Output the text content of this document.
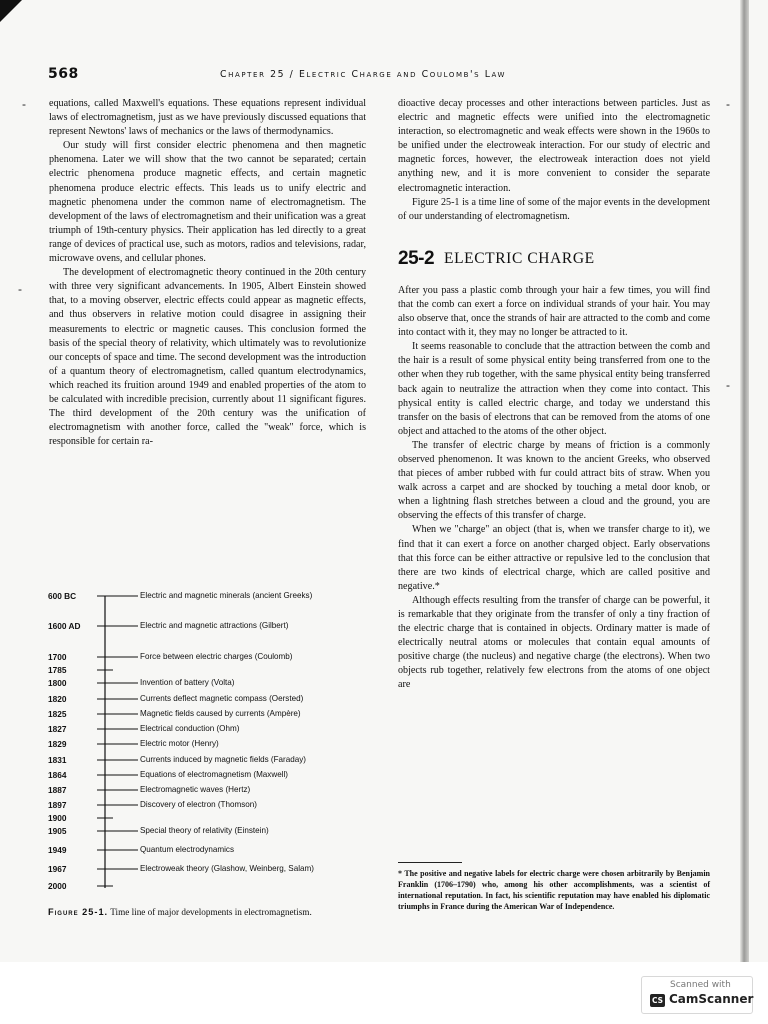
568	Chapter 25 / Electric Charge and Coulomb's Law

equations, called Maxwell's equations. These equations represent individual laws of electromagnetism, just as we have previously discussed equations that represent Newtons' laws of mechanics or the laws of thermodynamics.

Our study will first consider electric phenomena and then magnetic phenomena. Later we will show that the two cannot be separated; certain electric phenomena produce magnetic effects, and certain magnetic phenomena produce electric effects. This leads us to unify electric and magnetic phenomena under the common name of electromagnetism. The development of the laws of electromagnetism and their unification was a great triumph of 19th-century physics. Their application has led directly to a great range of devices of practical use, such as motors, radios and televisions, radar, microwave ovens, and cellular phones.

The development of electromagnetic theory continued in the 20th century with three very significant advancements. In 1905, Albert Einstein showed that, to a moving observer, electric effects could appear as magnetic effects, and thus observers in relative motion could disagree in assigning their measurements to electric or magnetic causes. This conclusion formed the basis of the special theory of relativity, which ultimately was to revolutionize our concepts of space and time. The second development was the introduction of a quantum theory of electromagnetism, called quantum electrodynamics, which reached its fruition around 1949 and enabled properties of the atom to be calculated with incredible precision, currently about 11 significant figures. The third development of the 20th century was the unification of electromagnetism with another force, called the "weak" force, which is responsible for certain ra-

dioactive decay processes and other interactions between particles. Just as electric and magnetic effects were unified into the electromagnetic interaction, so electromagnetic and weak effects were shown in the 1960s to be unified under the electroweak interaction. For our study of electric and magnetic forces, however, the electroweak interaction does not yield anything new, and it is more convenient to consider the separate electromagnetic interaction.

Figure 25-1 is a time line of some of the major events in the development of our understanding of electromagnetism.

25-2 ELECTRIC CHARGE

After you pass a plastic comb through your hair a few times, you will find that the comb can exert a force on individual strands of your hair. You may also observe that, once the strands of hair are attracted to the comb and come into contact with it, they may no longer be attracted to it.

It seems reasonable to conclude that the attraction between the comb and the hair is a result of some physical entity being transferred from one to the other when they rub together, with the same physical entity being transferred back again to neutralize the attraction when they come into contact. This physical entity is called electric charge, and today we understand this transfer on the basis of electrons that can be removed from the atoms of one object and attached to the atoms of the other object.

The transfer of electric charge by means of friction is a commonly observed phenomenon. It was known to the ancient Greeks, who observed that pieces of amber rubbed with fur could attract bits of straw. When you walk across a carpet and are shocked by touching a metal door knob, or when a lightning flash stretches between a cloud and the ground, you are observing the effects of this transfer of charge.

When we "charge" an object (that is, when we transfer charge to it), we find that it can exert a force on another charged object. Early observations that this force can be either attractive or repulsive led to the conclusion that there are two kinds of electrical charge, which are called positive and negative.*

Although effects resulting from the transfer of charge can be powerful, it is remarkable that they originate from the transfer of only a tiny fraction of the electric charge that is contained in objects. Ordinary matter is made of electrically neutral atoms or molecules that contain equal amounts of positive charge (the nucleus) and negative charge (the electrons). When two objects rub together, relatively few electrons from the atoms of one object are

600 BC	Electric and magnetic minerals (ancient Greeks)
1600 AD	Electric and magnetic attractions (Gilbert)
1700	Force between electric charges (Coulomb)
1785
1800	Invention of battery (Volta)
1820	Currents deflect magnetic compass (Oersted)
1825	Magnetic fields caused by currents (Ampère)
1827	Electrical conduction (Ohm)
1829	Electric motor (Henry)
1831	Currents induced by magnetic fields (Faraday)
1864	Equations of electromagnetism (Maxwell)
1887	Electromagnetic waves (Hertz)
1897	Discovery of electron (Thomson)
1900
1905	Special theory of relativity (Einstein)
1949	Quantum electrodynamics
1967	Electroweak theory (Glashow, Weinberg, Salam)
2000
Figure 25-1. Time line of major developments in electromagnetism.
* The positive and negative labels for electric charge were chosen arbitrarily by Benjamin Franklin (1706–1790) who, among his other accomplishments, was a scientist of international reputation. In fact, his scientific reputation may have enabled his diplomatic triumphs in France during the American War of Independence.
-
-
-
-
Scanned with
CS CamScanner
